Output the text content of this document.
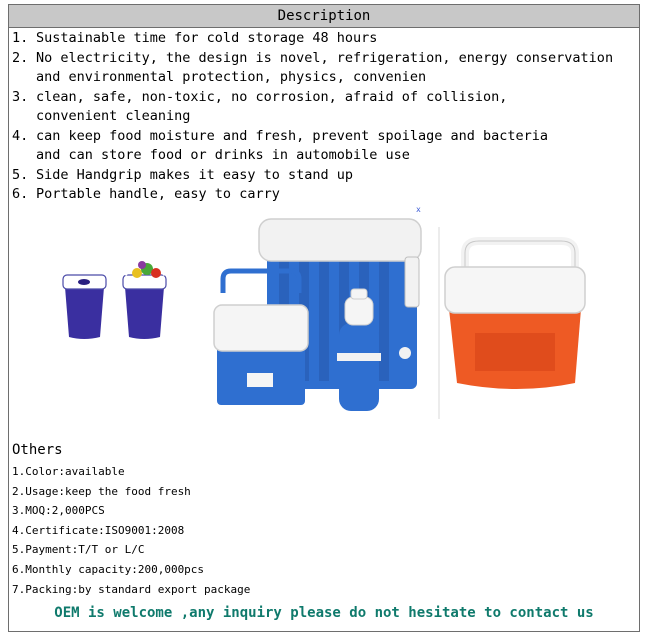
Description
1. Sustainable time for cold storage 48 hours
2. No electricity, the design is novel, refrigeration, energy conservation
and environmental protection, physics, convenien
3. clean, safe, non-toxic, no corrosion, afraid of collision,
convenient cleaning
4. can keep food moisture and fresh, prevent spoilage and bacteria
and can store food or drinks in automobile use
5. Side Handgrip makes it easy to stand up
6. Portable handle, easy to carry
x
Others
1.Color:available
2.Usage:keep the food fresh
3.MOQ:2,000PCS
4.Certificate:ISO9001:2008
5.Payment:T/T or L/C
6.Monthly capacity:200,000pcs
7.Packing:by standard export package
OEM is welcome ,any inquiry please do not hesitate to contact us
